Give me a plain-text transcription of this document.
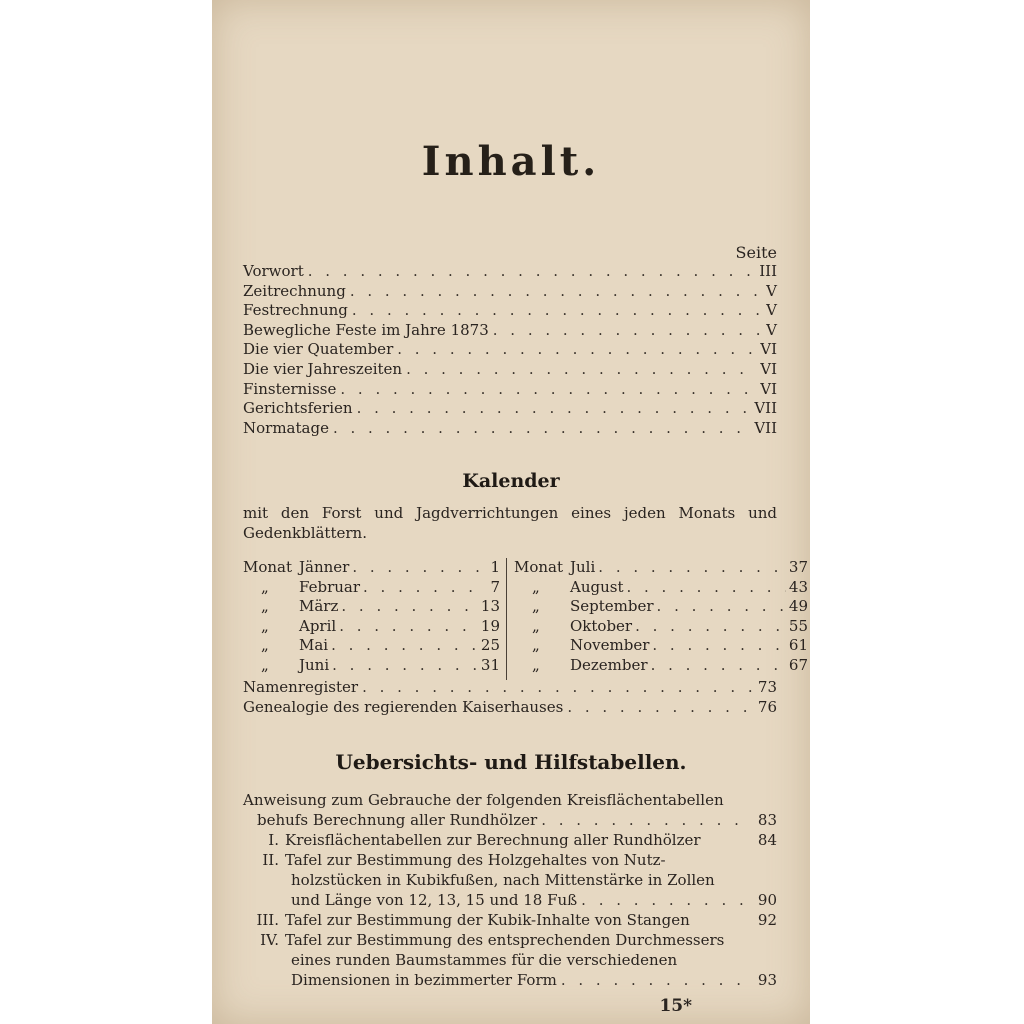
Inhalt.
Seite
Vorwort . . .	III
Zeitrechnung . . .	V
Festrechnung . . .	V
Bewegliche Feste im Jahre 1873 . . .	V
Die vier Quatember . . .	VI
Die vier Jahreszeiten . . .	VI
Finsternisse . . .	VI
Gerichtsferien . . .	VII
Normatage . . .	VII
Kalender
mit den Forst und Jagdverrichtungen eines jeden Monats und Gedenkblättern.
Monat Jänner . . .	1
„	Februar . . .	7
„	März . . .	13
„	April . . .	19
„	Mai . . .	25
„	Juni . . .	31
Monat Juli . . .	37
„	August . . .	43
„	September . . .	49
„	Oktober . . .	55
„	November . . .	61
„	Dezember . . .	67
Namenregister . . .	73
Genealogie des regierenden Kaiserhauses . . .	76
Uebersichts- und Hilfstabellen.
Anweisung zum Gebrauche der folgenden Kreisflächentabellen
behufs Berechnung aller Rundhölzer . . .	83
I. Kreisflächentabellen zur Berechnung aller Rundhölzer	84
II. Tafel zur Bestimmung des Holzgehaltes von Nutz-
holzstücken in Kubikfußen, nach Mittenstärke in Zollen
und Länge von 12, 13, 15 und 18 Fuß . . .	90
III. Tafel zur Bestimmung der Kubik-Inhalte von Stangen	92
IV. Tafel zur Bestimmung des entsprechenden Durchmessers
eines runden Baumstammes für die verschiedenen
Dimensionen in bezimmerter Form . . .	93
15*
